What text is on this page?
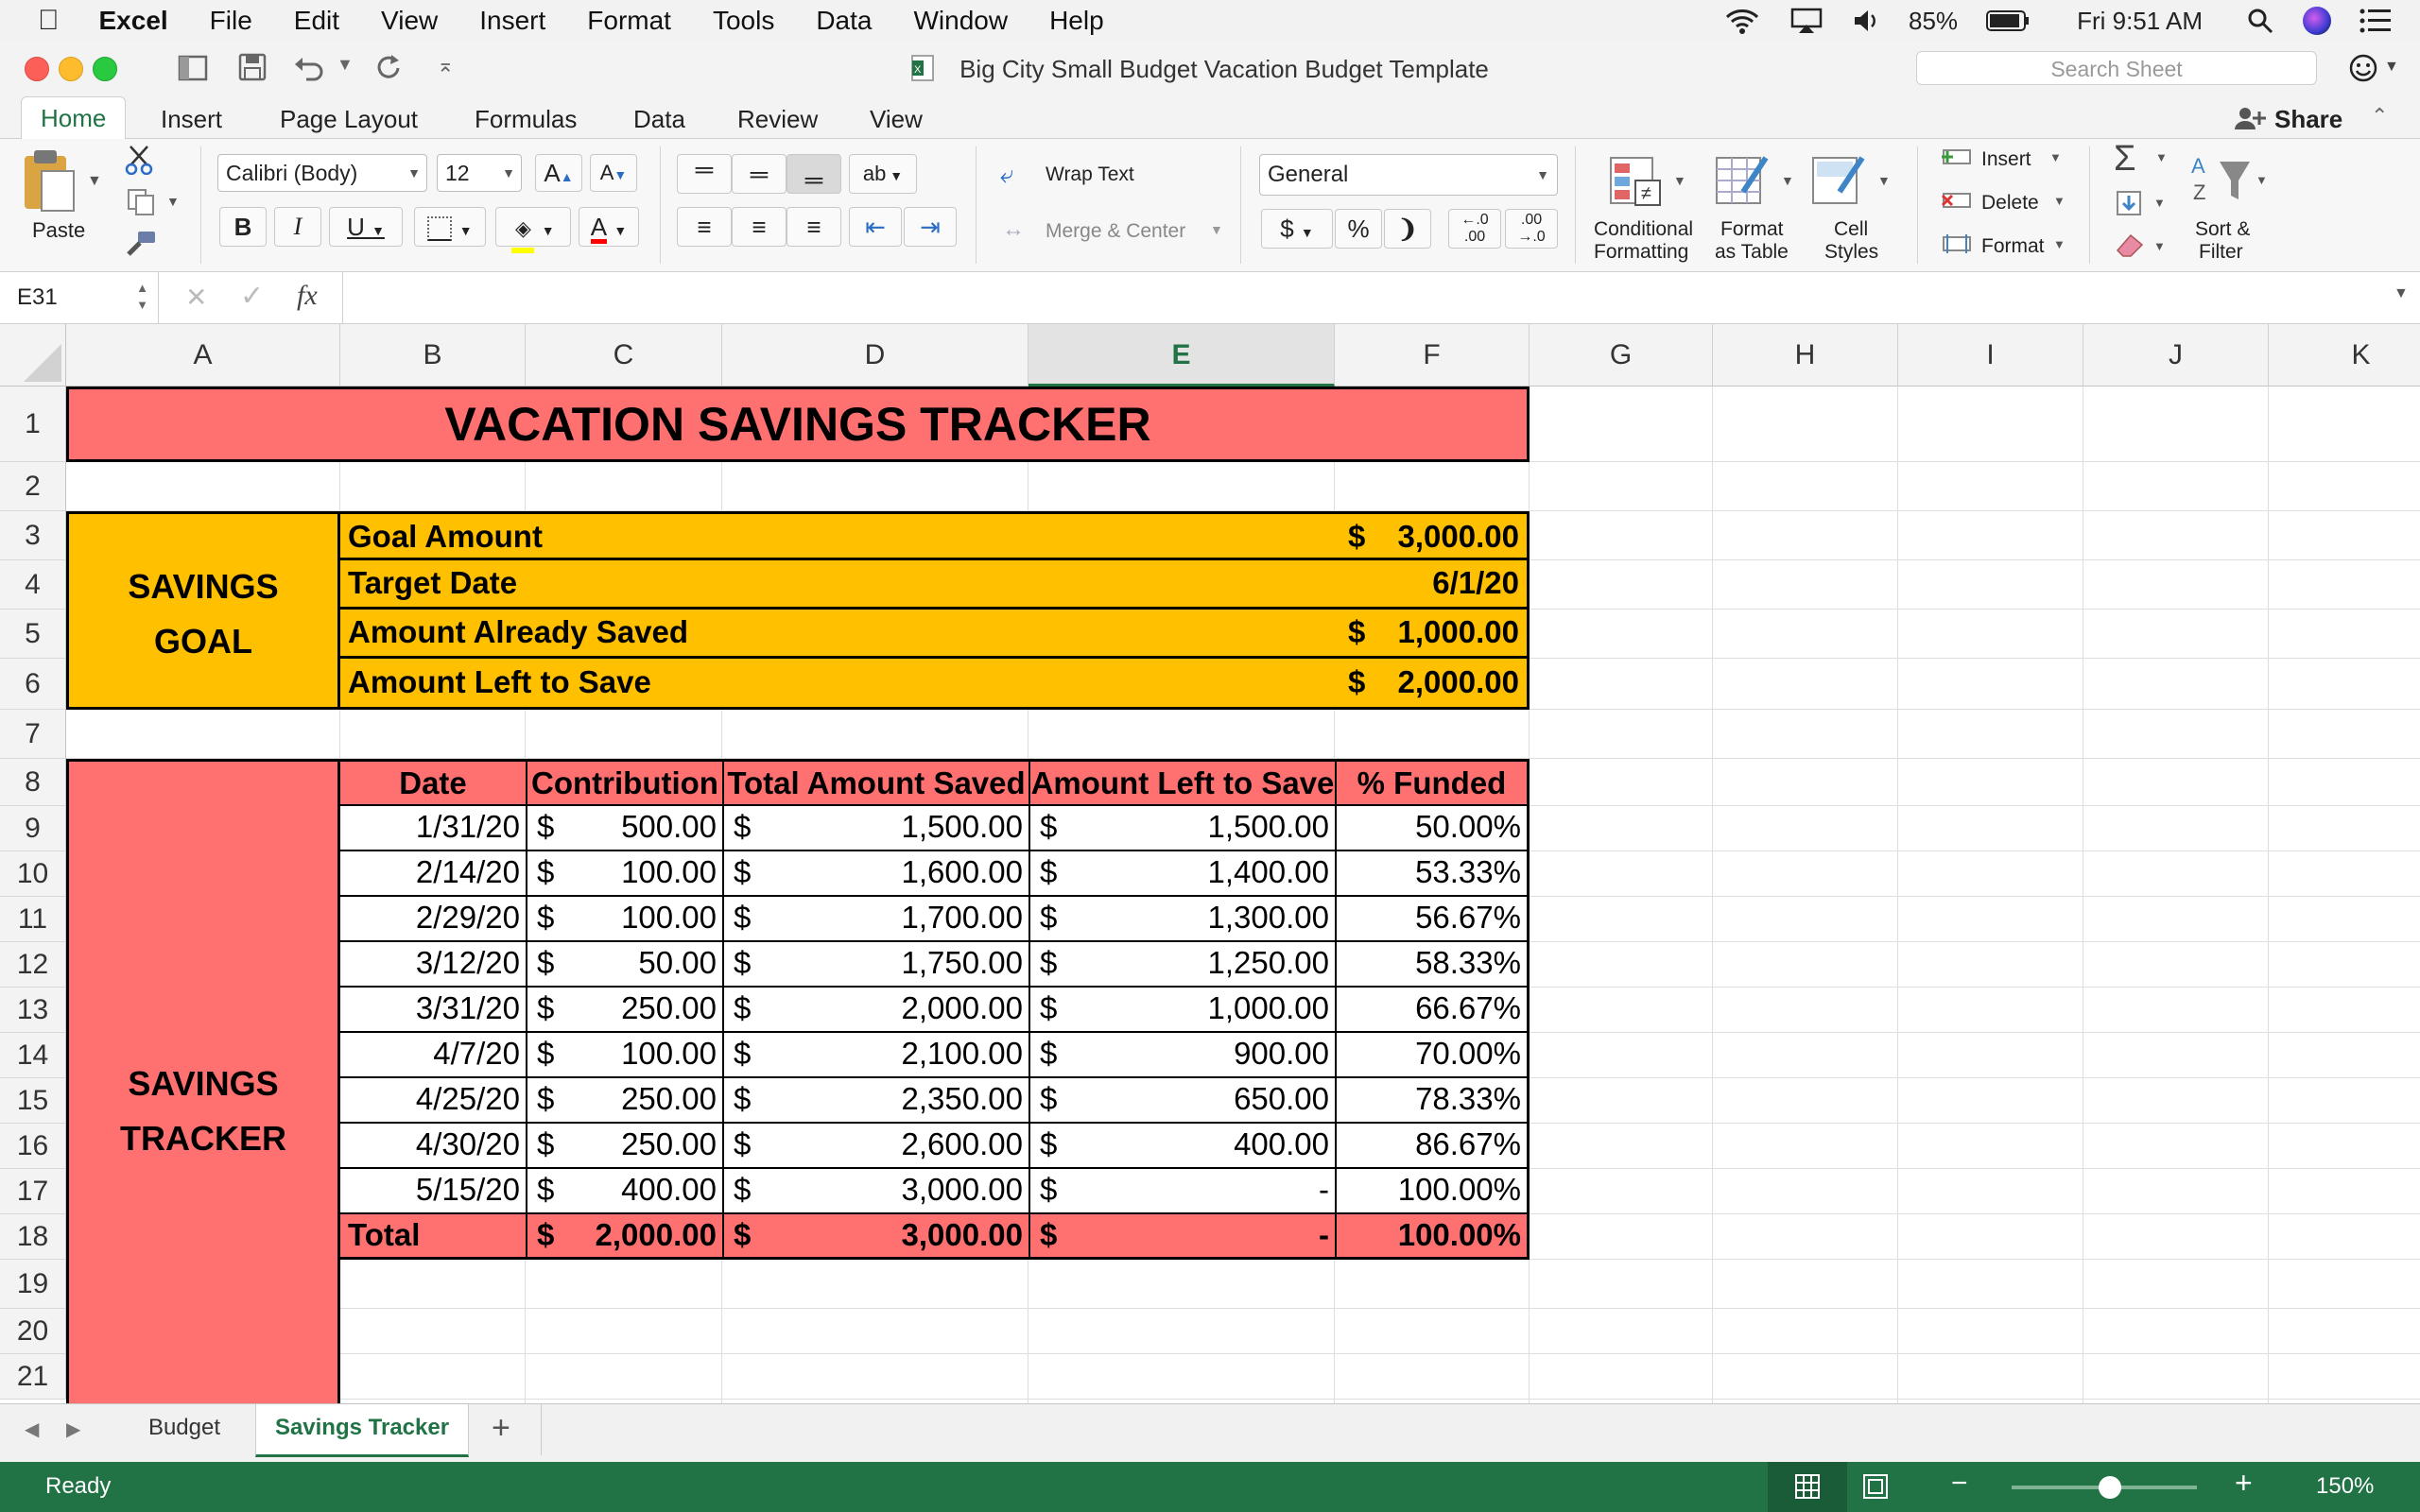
Excel File Edit View Insert Format Tools Data Window Help	85%	Fri 9:51 AM
▼	⌅	X	Big City Small Budget Vacation Budget Template	Search Sheet	▼
Home	Insert Page Layout Formulas Data Review View	Share ⌃
▼
Paste
▼
Calibri (Body)	▼	12 ▼	A▲	A▼
B	I	U ▼	▼	◈ ▼	A ▼
═	═	═	ab ▼
≡	≡	≡	⇤	⇥
⤶ Wrap Text
↔ Merge & Center ▼
General	▼
$ ▼	%	❩	←.0
.00
.00
→.0
≠
▼
Conditional
Formatting
▼
Format
as Table
▼
Cell
Styles
Insert ▼
Delete ▼
Format ▼
Σ ▼
▼
▼
A
Z
▼
Sort &
Filter
E31	▲
▼ ✕ ✓ fx	▼
A	B	C	D	E	F	G	H	I	J	K
1
2
3
4
5
6
7
8
9
10
11
12
13
14
15
16
17
18
19
20
21
VACATION SAVINGS TRACKER
SAVINGS
GOAL
Goal Amount	$ 3,000.00
Target Date	6/1/20
Amount Already Saved	$ 1,000.00
Amount Left to Save	$ 2,000.00
SAVINGS
TRACKER
Date	Contribution Total Amount Saved Amount Left to Save % Funded
1/31/20 $ 500.00 $	1,500.00 $	1,500.00	50.00%
2/14/20 $ 100.00 $	1,600.00 $	1,400.00	53.33%
2/29/20 $ 100.00 $	1,700.00 $	1,300.00	56.67%
3/12/20 $	50.00 $	1,750.00 $	1,250.00	58.33%
3/31/20 $ 250.00 $	2,000.00 $	1,000.00	66.67%
4/7/20 $ 100.00 $	2,100.00 $	900.00	70.00%
4/25/20 $ 250.00 $	2,350.00 $	650.00	78.33%
4/30/20 $ 250.00 $	2,600.00 $	400.00	86.67%
5/15/20 $ 400.00 $	3,000.00 $	- 100.00%
Total	$ 2,000.00 $	3,000.00 $	- 100.00%
◀ ▶	Budget	Savings Tracker	+
Ready	−	+	150%
